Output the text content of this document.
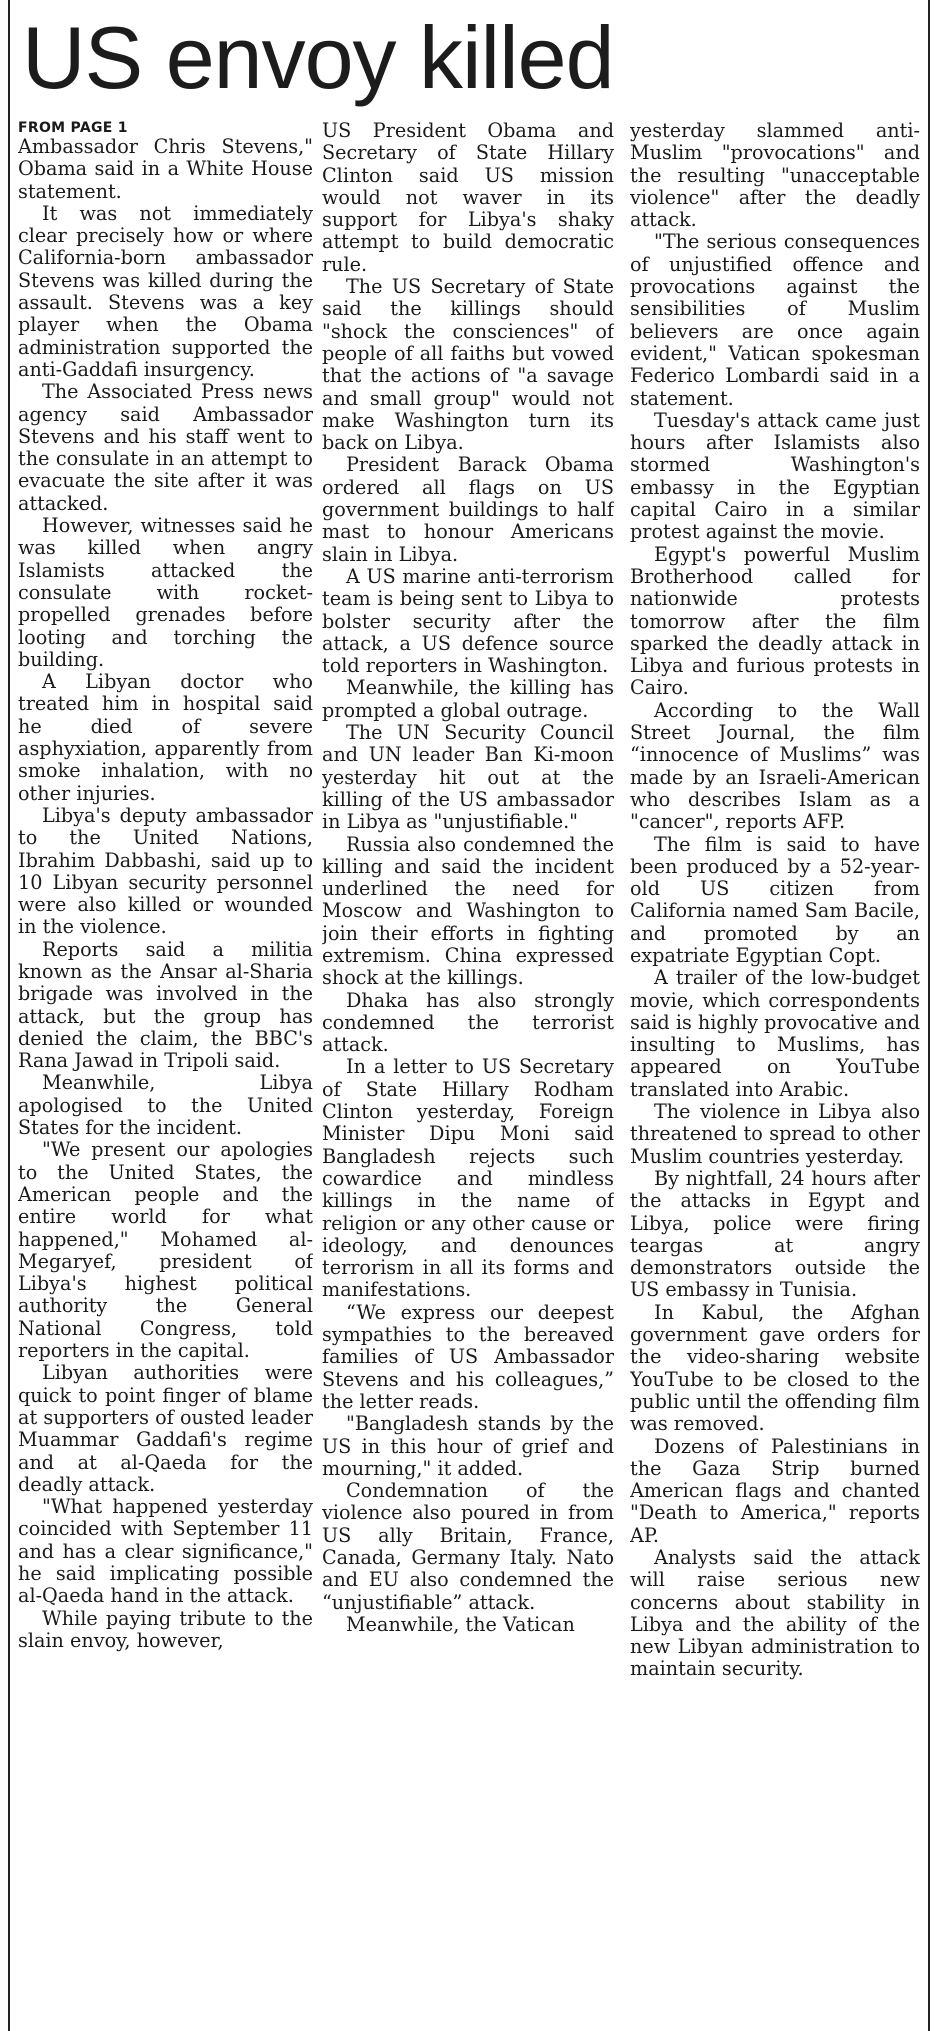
US envoy killed
FROM PAGE 1

Ambassador Chris Stevens," Obama said in a White House statement.

It was not immediately clear precisely how or where California-born ambassador Stevens was killed during the assault. Stevens was a key player when the Obama administration supported the anti-Gaddafi insurgency.

The Associated Press news agency said Ambassador Stevens and his staff went to the consulate in an attempt to evacuate the site after it was attacked.

However, witnesses said he was killed when angry Islamists attacked the consulate with rocket-propelled grenades before looting and torching the building.

A Libyan doctor who treated him in hospital said he died of severe asphyxiation, apparently from smoke inhalation, with no other injuries.

Libya's deputy ambassador to the United Nations, Ibrahim Dabbashi, said up to 10 Libyan security personnel were also killed or wounded in the violence.

Reports said a militia known as the Ansar al-Sharia brigade was involved in the attack, but the group has denied the claim, the BBC's Rana Jawad in Tripoli said.

Meanwhile, Libya apologised to the United States for the incident.

"We present our apologies to the United States, the American people and the entire world for what happened," Mohamed al-Megaryef, president of Libya's highest political authority the General National Congress, told reporters in the capital.

Libyan authorities were quick to point finger of blame at supporters of ousted leader Muammar Gaddafi's regime and at al-Qaeda for the deadly attack.

"What happened yesterday coincided with September 11 and has a clear significance," he said implicating possible al-Qaeda hand in the attack.

While paying tribute to the slain envoy, however,

US President Obama and Secretary of State Hillary Clinton said US mission would not waver in its support for Libya's shaky attempt to build democratic rule.

The US Secretary of State said the killings should "shock the consciences" of people of all faiths but vowed that the actions of "a savage and small group" would not make Washington turn its back on Libya.

President Barack Obama ordered all flags on US government buildings to half mast to honour Americans slain in Libya.

A US marine anti-terrorism team is being sent to Libya to bolster security after the attack, a US defence source told reporters in Washington.

Meanwhile, the killing has prompted a global outrage.

The UN Security Council and UN leader Ban Ki-moon yesterday hit out at the killing of the US ambassador in Libya as "unjustifiable."

Russia also condemned the killing and said the incident underlined the need for Moscow and Washington to join their efforts in fighting extremism. China expressed shock at the killings.

Dhaka has also strongly condemned the terrorist attack.

In a letter to US Secretary of State Hillary Rodham Clinton yesterday, Foreign Minister Dipu Moni said Bangladesh rejects such cowardice and mindless killings in the name of religion or any other cause or ideology, and denounces terrorism in all its forms and manifestations.

“We express our deepest sympathies to the bereaved families of US Ambassador Stevens and his colleagues,” the letter reads.

"Bangladesh stands by the US in this hour of grief and mourning," it added.

Condemnation of the violence also poured in from US ally Britain, France, Canada, Germany Italy. Nato and EU also condemned the “unjustifiable” attack.

Meanwhile, the Vatican

yesterday slammed anti-Muslim "provocations" and the resulting "unacceptable violence" after the deadly attack.

"The serious consequences of unjustified offence and provocations against the sensibilities of Muslim believers are once again evident," Vatican spokesman Federico Lombardi said in a statement.

Tuesday's attack came just hours after Islamists also stormed Washington's embassy in the Egyptian capital Cairo in a similar protest against the movie.

Egypt's powerful Muslim Brotherhood called for nationwide protests tomorrow after the film sparked the deadly attack in Libya and furious protests in Cairo.

According to the Wall Street Journal, the film “innocence of Muslims” was made by an Israeli-American who describes Islam as a "cancer", reports AFP.

The film is said to have been produced by a 52-year-old US citizen from California named Sam Bacile, and promoted by an expatriate Egyptian Copt.

A trailer of the low-budget movie, which correspondents said is highly provocative and insulting to Muslims, has appeared on YouTube translated into Arabic.

The violence in Libya also threatened to spread to other Muslim countries yesterday.

By nightfall, 24 hours after the attacks in Egypt and Libya, police were firing teargas at angry demonstrators outside the US embassy in Tunisia.

In Kabul, the Afghan government gave orders for the video-sharing website YouTube to be closed to the public until the offending film was removed.

Dozens of Palestinians in the Gaza Strip burned American flags and chanted "Death to America," reports AP.

Analysts said the attack will raise serious new concerns about stability in Libya and the ability of the new Libyan administration to maintain security.
